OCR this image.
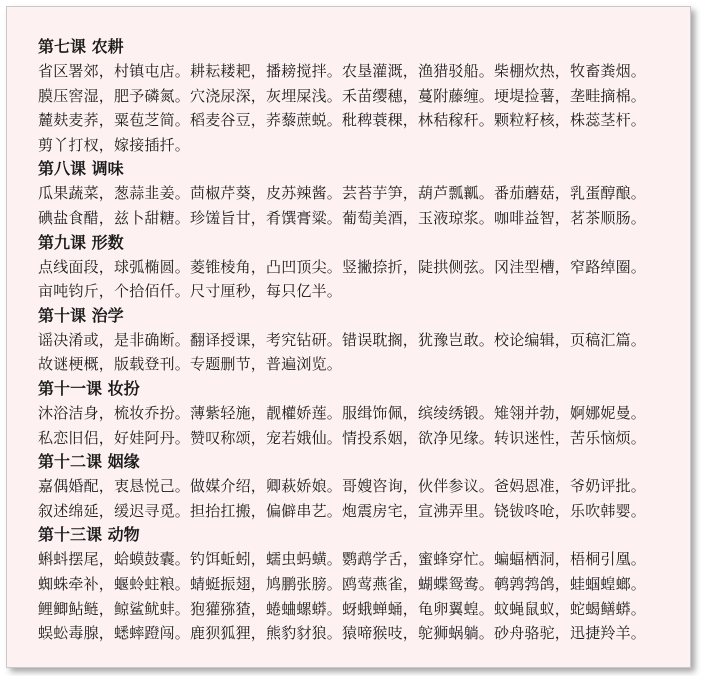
第七课 农耕
省区署郊，村镇屯店。耕耘耧耙，播耪搅拌。农垦灌溉，渔猎驳船。柴棚炊热，牧畜粪烟。
膜压窖湿，肥予磷氮。穴浇尿深，灰埋屎浅。禾苗缨穗，蔓附藤缠。埂堤捡薯，垄畦摘棉。
麓麸麦荞，粟苞芝简。稻麦谷豆，荞藜蔗蜕。秕稗蓑稞，林秸稼秆。颗粒籽核，株蕊茎杆。
剪丫打杈，嫁接插扦。
第八课 调味
瓜果蔬菜，葱蒜韭姜。茴椒芹葵，皮苏辣酱。芸苔芋笋，葫芦瓢瓤。番茄蘑菇，乳蛋醇酿。
碘盐食醋，兹卜甜糖。珍馐旨甘，肴馔膏粱。葡萄美酒，玉液琼浆。咖啡益智，茗茶顺肠。
第九课 形数
点线面段，球弧椭圆。菱锥棱角，凸凹顶尖。竖撇捺折，陡拱侧弦。冈洼型槽，窄路绰圈。
亩吨钧斤，个拾佰仟。尺寸厘秒，每只亿半。
第十课 治学
谣决淆或，是非确断。翻译授课，考究钻研。错误耽搁，犹豫岂敢。校论编辑，页稿汇篇。
故谜梗概，版载登刊。专题删节，普遍浏览。
第十一课 妆扮
沐浴洁身，梳妆乔扮。薄紫轻施，靓權娇莲。服缉饰佩，缤绫绣锻。雉翎并勃，婀娜妮曼。
私恋旧侣，好娃阿丹。赞叹称颂，宠若娥仙。情投系姻，欲净见缘。转识迷性，苦乐恼烦。
第十二课 姻缘
嘉偶婚配，衷恳悦己。做媒介绍，卿萩娇娘。哥嫂咨询，伙伴参议。爸妈恩准，爷奶评批。
叙述绵延，缓迟寻觅。担抬扛搬，偏僻串艺。炮震房宅，宣沸弄里。铙钹咚呛，乐吹韩婴。
第十三课 动物
蝌蚪摆尾，蛤蟆鼓囊。钓饵蚯蚓，蠕虫蚂蟥。鹦鹉学舌，蜜蜂穿忙。蝙蝠栖洞，梧桐引凰。
蜘蛛牵补，蝘蛉蛀粮。蜻蜓振翅，鸠鹏张膀。鸥莺燕雀，蝴蝶鸳鸯。鹌鹑鹁鸽，蛙蝈蝗螂。
鲤鲫鲇鲢，鲸鲨鱿蚌。狍獾猕猹，蜷蛐螺蟒。蚜蛾蝉蛹，龟卵翼蝗。蚊蝇鼠蚁，蛇蝎鳝蟒。
蜈蚣毒腺，蟋蟀蹬闯。鹿狈狐狸，熊豹豺狼。猿啼猴吱，鸵狮蜗躺。砂舟骆驼，迅捷羚羊。
